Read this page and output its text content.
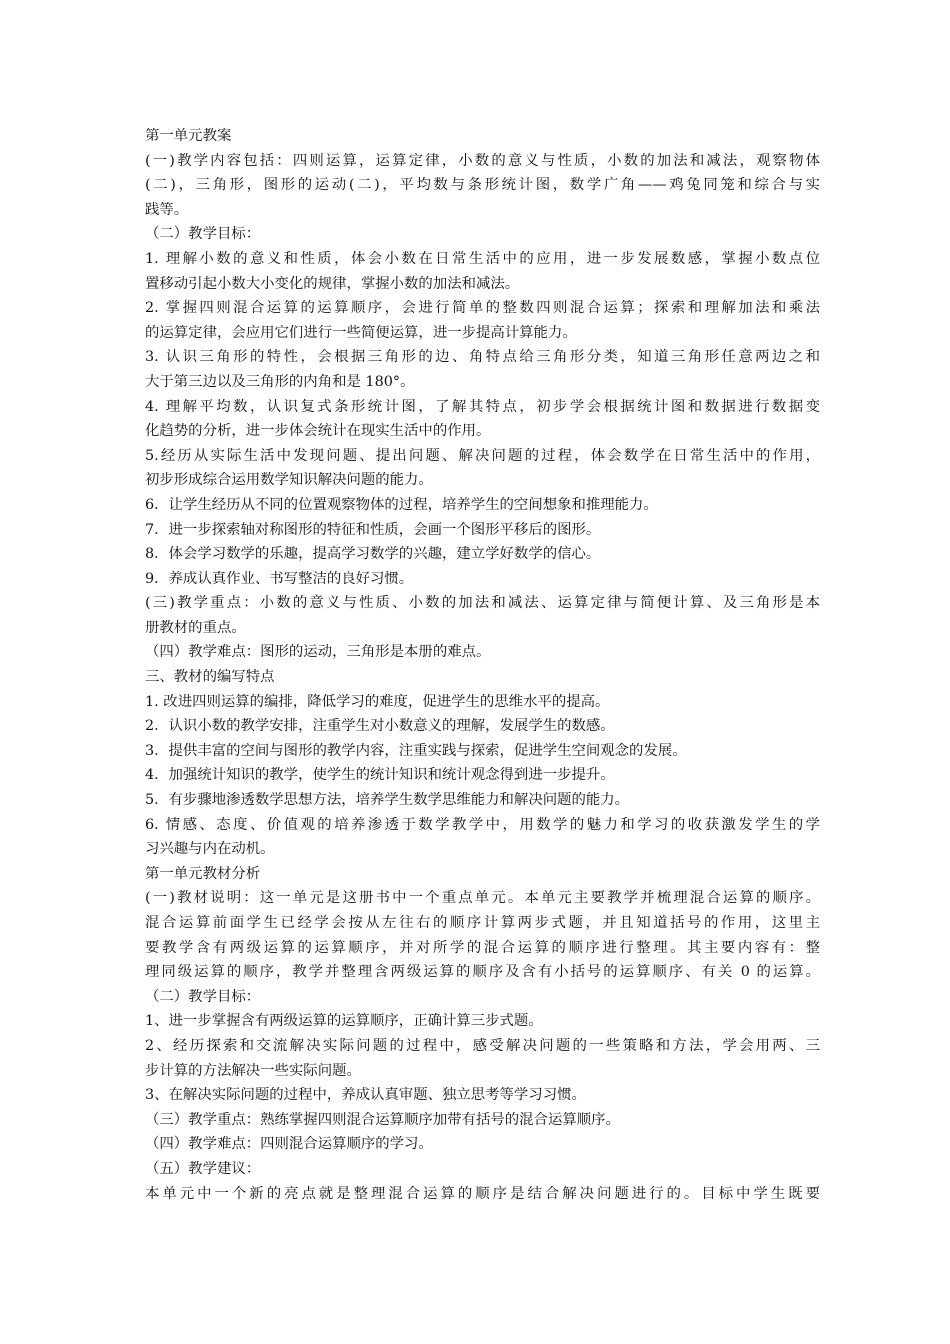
第一单元教案
(一)教学内容包括：四则运算，运算定律，小数的意义与性质，小数的加法和减法，观察物体
(二)，三角形，图形的运动(二)，平均数与条形统计图，数学广角——鸡兔同笼和综合与实
践等。
（二）教学目标：
1. 理解小数的意义和性质，体会小数在日常生活中的应用，进一步发展数感，掌握小数点位
置移动引起小数大小变化的规律，掌握小数的加法和减法。
2. 掌握四则混合运算的运算顺序，会进行简单的整数四则混合运算；探索和理解加法和乘法
的运算定律，会应用它们进行一些简便运算，进一步提高计算能力。
3. 认识三角形的特性，会根据三角形的边、角特点给三角形分类，知道三角形任意两边之和
大于第三边以及三角形的内角和是 180°。
4. 理解平均数，认识复式条形统计图，了解其特点，初步学会根据统计图和数据进行数据变
化趋势的分析，进一步体会统计在现实生活中的作用。
5.经历从实际生活中发现问题、提出问题、解决问题的过程，体会数学在日常生活中的作用，
初步形成综合运用数学知识解决问题的能力。
6．让学生经历从不同的位置观察物体的过程，培养学生的空间想象和推理能力。
7．进一步探索轴对称图形的特征和性质，会画一个图形平移后的图形。
8．体会学习数学的乐趣，提高学习数学的兴趣，建立学好数学的信心。
9．养成认真作业、书写整洁的良好习惯。
(三)教学重点：小数的意义与性质、小数的加法和减法、运算定律与简便计算、及三角形是本
册教材的重点。
（四）教学难点：图形的运动，三角形是本册的难点。
三、教材的编写特点
1. 改进四则运算的编排，降低学习的难度，促进学生的思维水平的提高。
2．认识小数的教学安排，注重学生对小数意义的理解，发展学生的数感。
3．提供丰富的空间与图形的教学内容，注重实践与探索，促进学生空间观念的发展。
4．加强统计知识的教学，使学生的统计知识和统计观念得到进一步提升。
5．有步骤地渗透数学思想方法，培养学生数学思维能力和解决问题的能力。
6. 情感、态度、价值观的培养渗透于数学教学中，用数学的魅力和学习的收获激发学生的学
习兴趣与内在动机。
第一单元教材分析
(一)教材说明：这一单元是这册书中一个重点单元。本单元主要教学并梳理混合运算的顺序。
混合运算前面学生已经学会按从左往右的顺序计算两步式题，并且知道括号的作用，这里主
要教学含有两级运算的运算顺序，并对所学的混合运算的顺序进行整理。其主要内容有：整
理同级运算的顺序，教学并整理含两级运算的顺序及含有小括号的运算顺序、有关 0 的运算。
（二）教学目标：
1、进一步掌握含有两级运算的运算顺序，正确计算三步式题。
2、经历探索和交流解决实际问题的过程中，感受解决问题的一些策略和方法，学会用两、三
步计算的方法解决一些实际问题。
3、在解决实际问题的过程中，养成认真审题、独立思考等学习习惯。
（三）教学重点：熟练掌握四则混合运算顺序加带有括号的混合运算顺序。
（四）教学难点：四则混合运算顺序的学习。
（五）教学建议：
本单元中一个新的亮点就是整理混合运算的顺序是结合解决问题进行的。目标中学生既要
